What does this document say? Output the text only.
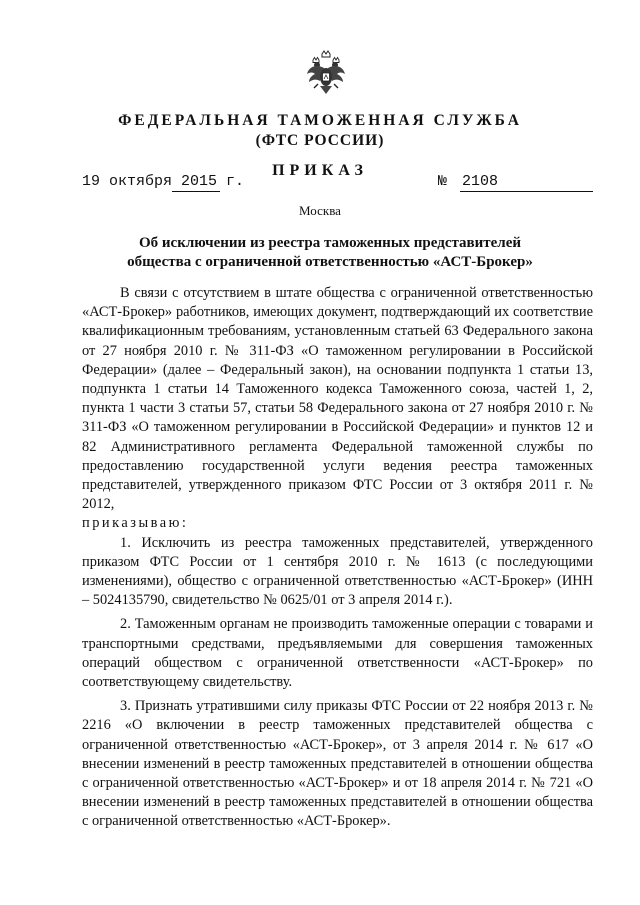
ФЕДЕРАЛЬНАЯ ТАМОЖЕННАЯ СЛУЖБА
(ФТС РОССИИ)
ПРИКАЗ
19 октября 2015 г.	№ 2108
Москва
Об исключении из реестра таможенных представителей
общества с ограниченной ответственностью «АСТ-Брокер»

В связи с отсутствием в штате общества с ограниченной ответственностью «АСТ-Брокер» работников, имеющих документ, подтверждающий их соответствие квалификационным требованиям, установленным статьей 63 Федерального закона от 27 ноября 2010 г. № 311-ФЗ «О таможенном регулировании в Российской Федерации» (далее – Федеральный закон), на основании подпункта 1 статьи 13, подпункта 1 статьи 14 Таможенного кодекса Таможенного союза, частей 1, 2, пункта 1 части 3 статьи 57, статьи 58 Федерального закона от 27 ноября 2010 г. № 311-ФЗ «О таможенном регулировании в Российской Федерации» и пунктов 12 и 82 Административного регламента Федеральной таможенной службы по предоставлению государственной услуги ведения реестра таможенных представителей, утвержденного приказом ФТС России от 3 октября 2011 г. № 2012,

приказываю:

1. Исключить из реестра таможенных представителей, утвержденного приказом ФТС России от 1 сентября 2010 г. № 1613 (с последующими изменениями), общество с ограниченной ответственностью «АСТ-Брокер» (ИНН – 5024135790, свидетельство № 0625/01 от 3 апреля 2014 г.).

2. Таможенным органам не производить таможенные операции с товарами и транспортными средствами, предъявляемыми для совершения таможенных операций обществом с ограниченной ответственности «АСТ-Брокер» по соответствующему свидетельству.

3. Признать утратившими силу приказы ФТС России от 22 ноября 2013 г. № 2216 «О включении в реестр таможенных представителей общества с ограниченной ответственностью «АСТ-Брокер», от 3 апреля 2014 г. № 617 «О внесении изменений в реестр таможенных представителей в отношении общества с ограниченной ответственностью «АСТ-Брокер» и от 18 апреля 2014 г. № 721 «О внесении изменений в реестр таможенных представителей в отношении общества с ограниченной ответственностью «АСТ-Брокер».
